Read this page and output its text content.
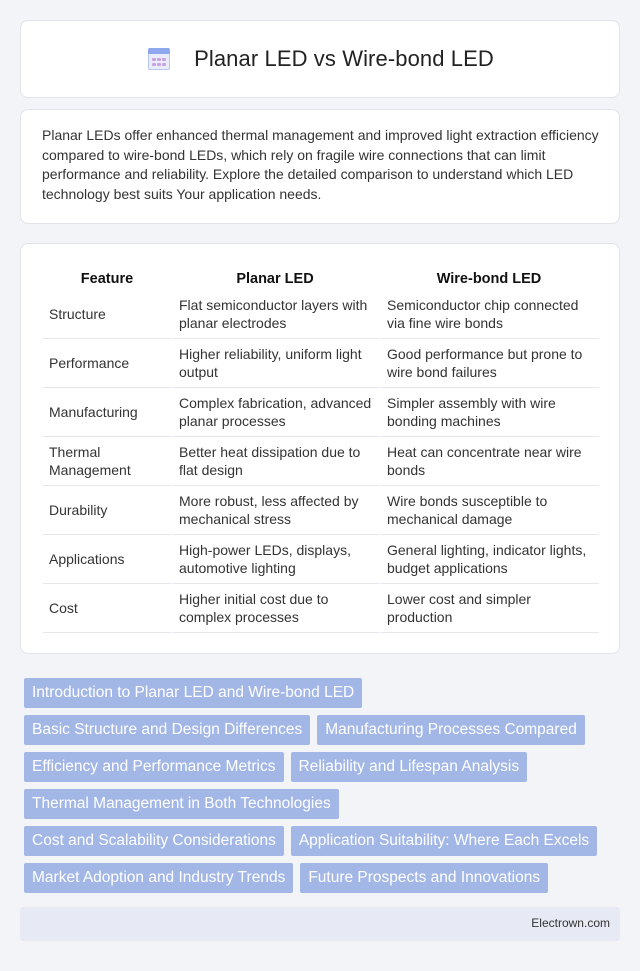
Planar LED vs Wire-bond LED

Planar LEDs offer enhanced thermal management and improved light extraction efficiency compared to wire-bond LEDs, which rely on fragile wire connections that can limit performance and reliability. Explore the detailed comparison to understand which LED technology best suits Your application needs.

Feature	Planar LED	Wire-bond LED
Structure	Flat semiconductor layers with planar electrodes	Semiconductor chip connected via fine wire bonds
Performance	Higher reliability, uniform light output	Good performance but prone to wire bond failures
Manufacturing	Complex fabrication, advanced planar processes	Simpler assembly with wire bonding machines
Thermal Management	Better heat dissipation due to flat design	Heat can concentrate near wire bonds
Durability	More robust, less affected by mechanical stress	Wire bonds susceptible to mechanical damage
Applications	High-power LEDs, displays, automotive lighting	General lighting, indicator lights, budget applications
Cost	Higher initial cost due to complex processes	Lower cost and simpler production
Introduction to Planar LED and Wire-bond LED
Basic Structure and Design Differences	Manufacturing Processes Compared
Efficiency and Performance Metrics	Reliability and Lifespan Analysis
Thermal Management in Both Technologies
Cost and Scalability Considerations	Application Suitability: Where Each Excels
Market Adoption and Industry Trends	Future Prospects and Innovations
Electrown.com
